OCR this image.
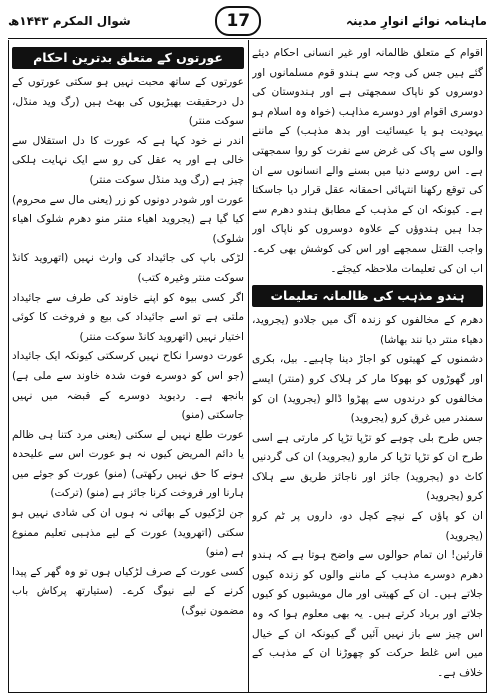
شوال المکرم ۱۴۴۳ھ	17	ماہنامہ نوائے انوارِ مدینہ

اقوام کے متعلق ظالمانہ اور غیر انسانی احکام دیئے گئے ہیں جس کی وجہ سے ہندو قوم مسلمانوں اور دوسروں کو ناپاک سمجھتی ہے اور ہندوستان کی دوسری اقوام اور دوسرے مذاہب (خواہ وہ اسلام ہو یہودیت ہو یا عیسائیت اور بدھ مذہب) کے ماننے والوں سے پاک کی غرض سے نفرت کو روا سمجھتی ہے۔ اس روسے دنیا میں بسنے والے انسانوں سے ان کی توقع رکھنا انتہائی احمقانہ عقل قرار دیا جاسکتا ہے۔ کیونکہ ان کے مذہب کے مطابق ہندو دھرم سے جدا ہیں ہندوؤں کے علاوہ دوسروں کو ناپاک اور واجب القتل سمجھے اور اس کی کوشش بھی کرے۔ اب ان کی تعلیمات ملاحظہ کیجئے۔

ہندو مذہب کی ظالمانہ تعلیمات

دھرم کے مخالفوں کو زندہ آگ میں جلادو (یجروید، دھیاء منتر دیا نند بھاشا)

دشمنوں کے کھیتوں کو اجاڑ دینا چاہیے۔ بیل، بکری اور گھوڑوں کو بھوکا مار کر ہلاک کرو (منتر) ایسے مخالفوں کو درندوں سے پھڑوا ڈالو (یجروید) ان کو سمندر میں غرق کرو (یجروید)

جس طرح بلی چوہے کو تڑپا تڑپا کر مارتی ہے اسی طرح ان کو تڑپا تڑپا کر مارو (یجروید) ان کی گردنیں کاٹ دو (یجروید) جائز اور ناجائز طریق سے ہلاک کرو (یجروید)

ان کو پاؤں کے نیچے کچل دو، داروں پر ٹم کرو (یجروید)

قارئین! ان تمام حوالوں سے واضح ہوتا ہے کہ ہندو دھرم دوسرے مذہب کے ماننے والوں کو زندہ کیوں جلاتے ہیں۔ ان کے کھیتی اور مال مویشیوں کو کیوں جلاتے اور برباد کرتے ہیں۔ یہ بھی معلوم ہوا کہ وہ اس چیز سے باز نہیں آئیں گے کیونکہ ان کے خیال میں اس غلط حرکت کو چھوڑنا ان کے مذہب کے خلاف ہے۔

عورتوں کے متعلق بدترین احکام

عورتوں کے ساتھ محبت نہیں ہو سکتی عورتوں کے دل درحقیقت بھیڑیوں کی بھٹ ہیں (رگ وید منڈل، سوکت منتر)

اندر نے خود کہا ہے کہ عورت کا دل استقلال سے خالی ہے اور یہ عقل کی رو سے ایک نہایت ہلکی چیز ہے (رگ وید منڈل سوکت منتر)

عورت اور شودر دونوں کو زر (یعنی مال سے محروم) کیا گیا ہے (یجروید اھیاء منتر منو دھرم شلوک اھیاء شلوک)

لڑکی باپ کی جائیداد کی وارث نہیں (اتھروید کانڈ سوکت منتر وغیرہ کتب)

اگر کسی بیوہ کو اپنے خاوند کی طرف سے جائیداد ملتی ہے تو اسے جائیداد کی بیع و فروخت کا کوئی اختیار نہیں (اتھروید کانڈ سوکت منتر)

عورت دوسرا نکاح نہیں کرسکتی کیونکہ ایک جائیداد (جو اس کو دوسرے فوت شدہ خاوند سے ملی ہے) بانجھ ہے۔ ردیوید دوسرے کے قبضہ میں نہیں جاسکتی (منو)

عورت طلع نہیں لے سکتی (یعنی مرد کتنا ہی ظالم یا دائم المریض کیوں نہ ہو عورت اس سے علیحدہ ہونے کا حق نہیں رکھتی) (منو) عورت کو جوئے میں ہارنا اور فروخت کرنا جائز ہے (منو) (ترکت)

جن لڑکیوں کے بھائی نہ ہوں ان کی شادی نہیں ہو سکتی (اتھروید) عورت کے لیے مذہبی تعلیم ممنوع ہے (منو)

کسی عورت کے صرف لڑکیاں ہوں تو وہ گھر کے پیدا کرنے کے لیے نیوگ کرے۔ (ستیارتھ پرکاش باب مضمون نیوگ)
